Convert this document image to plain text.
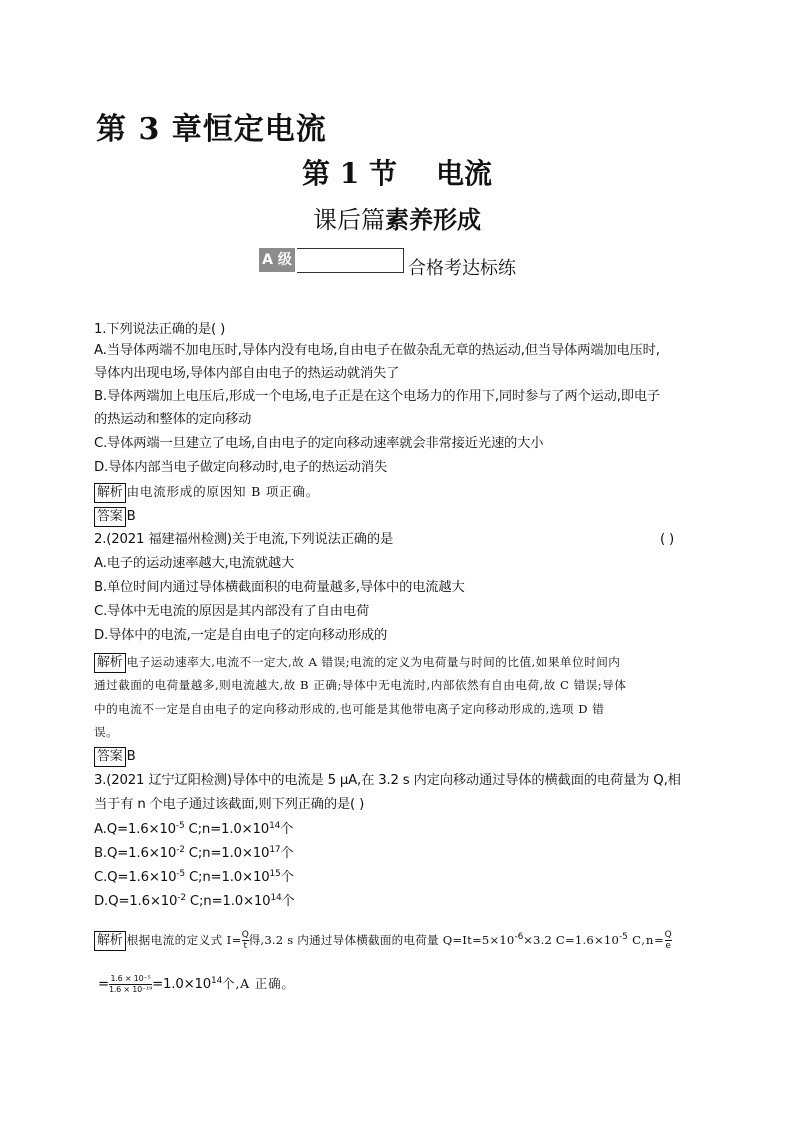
第 3 章恒定电流
第 1 节    电流
课后篇素养形成
A 级	合格考达标练
1.下列说法正确的是( )
A.当导体两端不加电压时,导体内没有电场,自由电子在做杂乱无章的热运动,但当导体两端加电压时,
导体内出现电场,导体内部自由电子的热运动就消失了
B.导体两端加上电压后,形成一个电场,电子正是在这个电场力的作用下,同时参与了两个运动,即电子
的热运动和整体的定向移动
C.导体两端一旦建立了电场,自由电子的定向移动速率就会非常接近光速的大小
D.导体内部当电子做定向移动时,电子的热运动消失
解析 由电流形成的原因知 B 项正确。
答案 B
2.(2021 福建福州检测)关于电流,下列说法正确的是	( )
A.电子的运动速率越大,电流就越大
B.单位时间内通过导体横截面积的电荷量越多,导体中的电流越大
C.导体中无电流的原因是其内部没有了自由电荷
D.导体中的电流,一定是自由电子的定向移动形成的
解析 电子运动速率大,电流不一定大,故 A 错误;电流的定义为电荷量与时间的比值,如果单位时间内
通过截面的电荷量越多,则电流越大,故 B 正确;导体中无电流时,内部依然有自由电荷,故 C 错误;导体
中的电流不一定是自由电子的定向移动形成的,也可能是其他带电离子定向移动形成的,选项 D 错
误。
答案 B
3.(2021 辽宁辽阳检测)导体中的电流是 5 μA,在 3.2 s 内定向移动通过导体的横截面的电荷量为 Q,相
当于有 n 个电子通过该截面,则下列正确的是( )
$A.Q=1.6\times 10^{-5}$ $C;n=1.0\times 10^{14}$个
$B.Q=1.6\times 10^{-2}$ $C;n=1.0\times 10^{17}$个
$C.Q=1.6\times 10^{-5}$ $C;n=1.0\times 10^{15}$个
$D.Q=1.6\times 10^{-2}$ $C;n=1.0\times 10^{14}$个
解析 根据电流的定义式 $I= \frac{Q}{t}$ 得,3.2 s 内通过导体横截面的电荷量 $Q=It=5\times 10^{-6}\times 3.2$ $C=1.6\times 10^{-5}$ $C,n= \frac{Q}{e}$
= $\frac{\text{1.6 × 10⁻⁵}}{\text{1.6 × 10⁻¹⁹}} =1.0\times 10^{14}$个,A 正确。
